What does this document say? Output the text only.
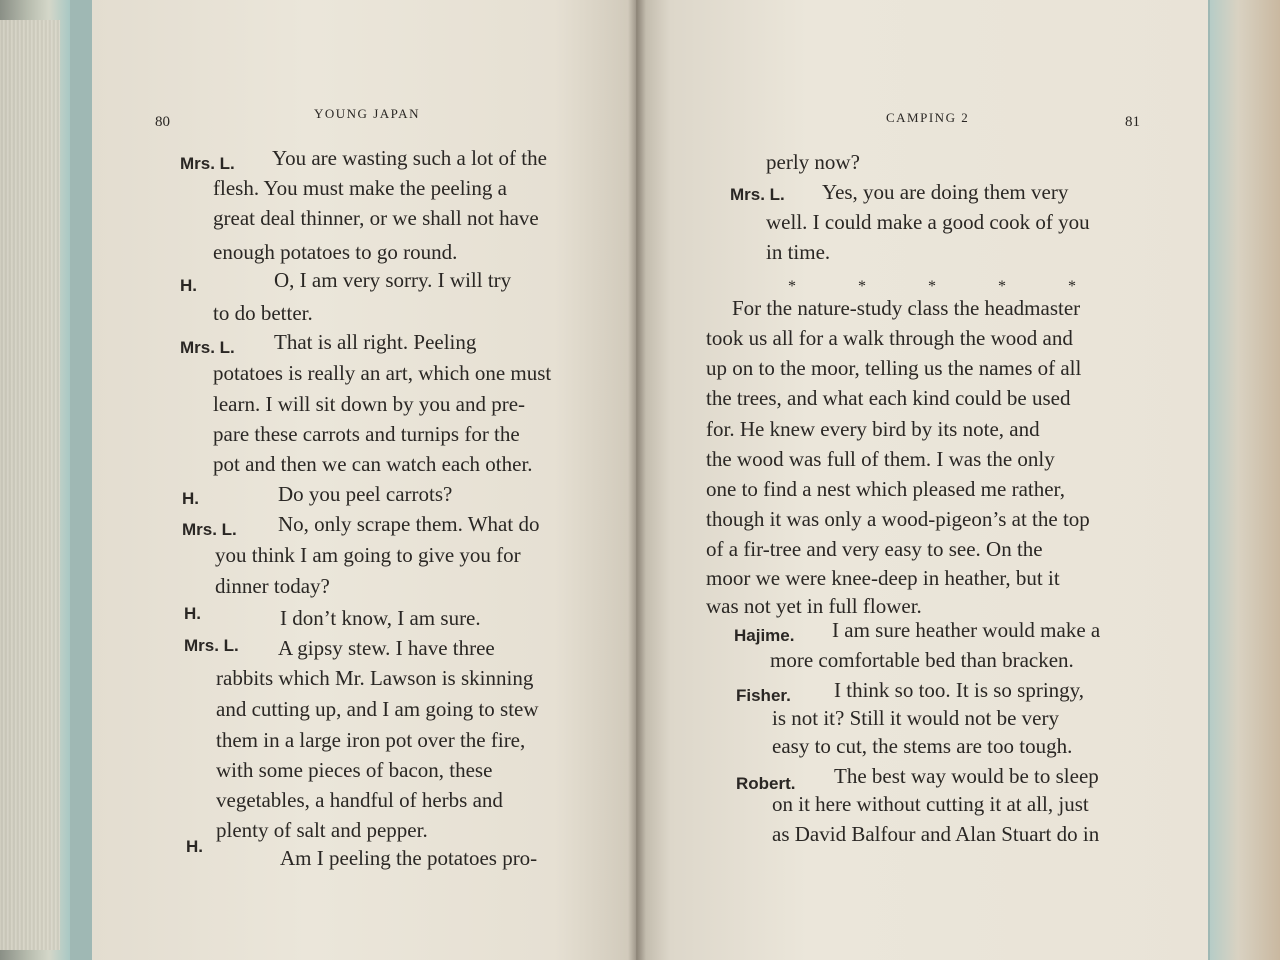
80
YOUNG JAPAN
Mrs. L. You are wasting such a lot of the
flesh. You must make the peeling a
great deal thinner, or we shall not have
enough potatoes to go round.
H.	O, I am very sorry. I will try
to do better.
Mrs. L. That is all right. Peeling
potatoes is really an art, which one must
learn. I will sit down by you and pre-
pare these carrots and turnips for the
pot and then we can watch each other.
H.	Do you peel carrots?
Mrs. L. No, only scrape them. What do
you think I am going to give you for
dinner today?
H.	I don’t know, I am sure.
Mrs. L. A gipsy stew. I have three
rabbits which Mr. Lawson is skinning
and cutting up, and I am going to stew
them in a large iron pot over the fire,
with some pieces of bacon, these
vegetables, a handful of herbs and
plenty of salt and pepper.
H.	Am I peeling the potatoes pro-
CAMPING 2	81
perly now?
Mrs. L. Yes, you are doing them very
well. I could make a good cook of you
in time.
* * * * *
For the nature-study class the headmaster
took us all for a walk through the wood and
up on to the moor, telling us the names of all
the trees, and what each kind could be used
for. He knew every bird by its note, and
the wood was full of them. I was the only
one to find a nest which pleased me rather,
though it was only a wood-pigeon’s at the top
of a fir-tree and very easy to see. On the
moor we were knee-deep in heather, but it
was not yet in full flower.
Hajime. I am sure heather would make a
more comfortable bed than bracken.
Fisher. I think so too. It is so springy,
is not it? Still it would not be very
easy to cut, the stems are too tough.
Robert. The best way would be to sleep
on it here without cutting it at all, just
as David Balfour and Alan Stuart do in
